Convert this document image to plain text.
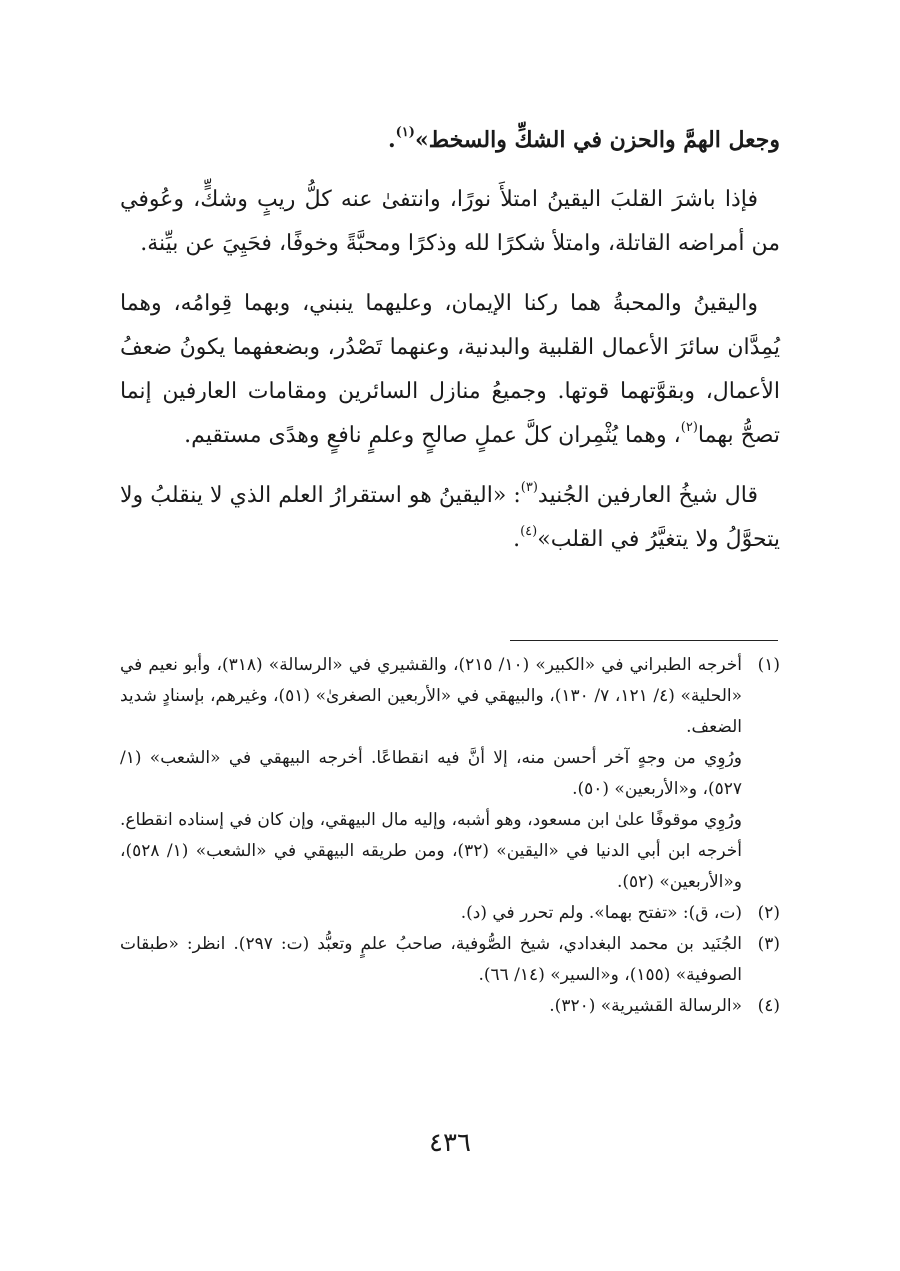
وجعل الهمَّ والحزن في الشكِّ والسخط»$^{(١)}$.

فإذا باشرَ القلبَ اليقينُ امتلأَ نورًا، وانتفىٰ عنه كلُّ ريبٍ وشكٍّ، وعُوفي من أمراضه القاتلة، وامتلأ شكرًا لله وذكرًا ومحبَّةً وخوفًا، فحَيِيَ عن بيِّنة.

واليقينُ والمحبةُ هما ركنا الإيمان، وعليهما ينبني، وبهما قِوامُه، وهما يُمِدَّان سائرَ الأعمال القلبية والبدنية، وعنهما تَصْدُر، وبضعفهما يكونُ ضعفُ الأعمال، وبقوَّتهما قوتها. وجميعُ منازل السائرين ومقامات العارفين إنما تصحُّ بهما$^{(٢)}$، وهما يُثْمِران كلَّ عملٍ صالحٍ وعلمٍ نافعٍ وهدًى مستقيم.

قال شيخُ العارفين الجُنيد$^{(٣)}$: «اليقينُ هو استقرارُ العلم الذي لا ينقلبُ ولا يتحوَّلُ ولا يتغيَّرُ في القلب»$^{(٤)}$.

(١)
أخرجه الطبراني في «الكبير» (١٠/ ٢١٥)، والقشيري في «الرسالة» (٣١٨)، وأبو نعيم في «الحلية» (٤/ ١٢١، ٧/ ١٣٠)، والبيهقي في «الأربعين الصغرىٰ» (٥١)، وغيرهم، بإسنادٍ شديد الضعف.
ورُوِي من وجهٍ آخر أحسن منه، إلا أنَّ فيه انقطاعًا. أخرجه البيهقي في «الشعب» (١/ ٥٢٧)، و«الأربعين» (٥٠).
ورُوِي موقوفًا علىٰ ابن مسعود، وهو أشبه، وإليه مال البيهقي، وإن كان في إسناده انقطاع. أخرجه ابن أبي الدنيا في «اليقين» (٣٢)، ومن طريقه البيهقي في «الشعب» (١/ ٥٢٨)، و«الأربعين» (٥٢).
(٢)
(ت، ق): «تفتح بهما». ولم تحرر في (د).
(٣)
الجُنَيد بن محمد البغدادي، شيخ الصُّوفية، صاحبُ علمٍ وتعبُّد (ت: ٢٩٧). انظر: «طبقات الصوفية» (١٥٥)، و«السير» (١٤/ ٦٦).
(٤)
«الرسالة القشيرية» (٣٢٠).
٤٣٦
